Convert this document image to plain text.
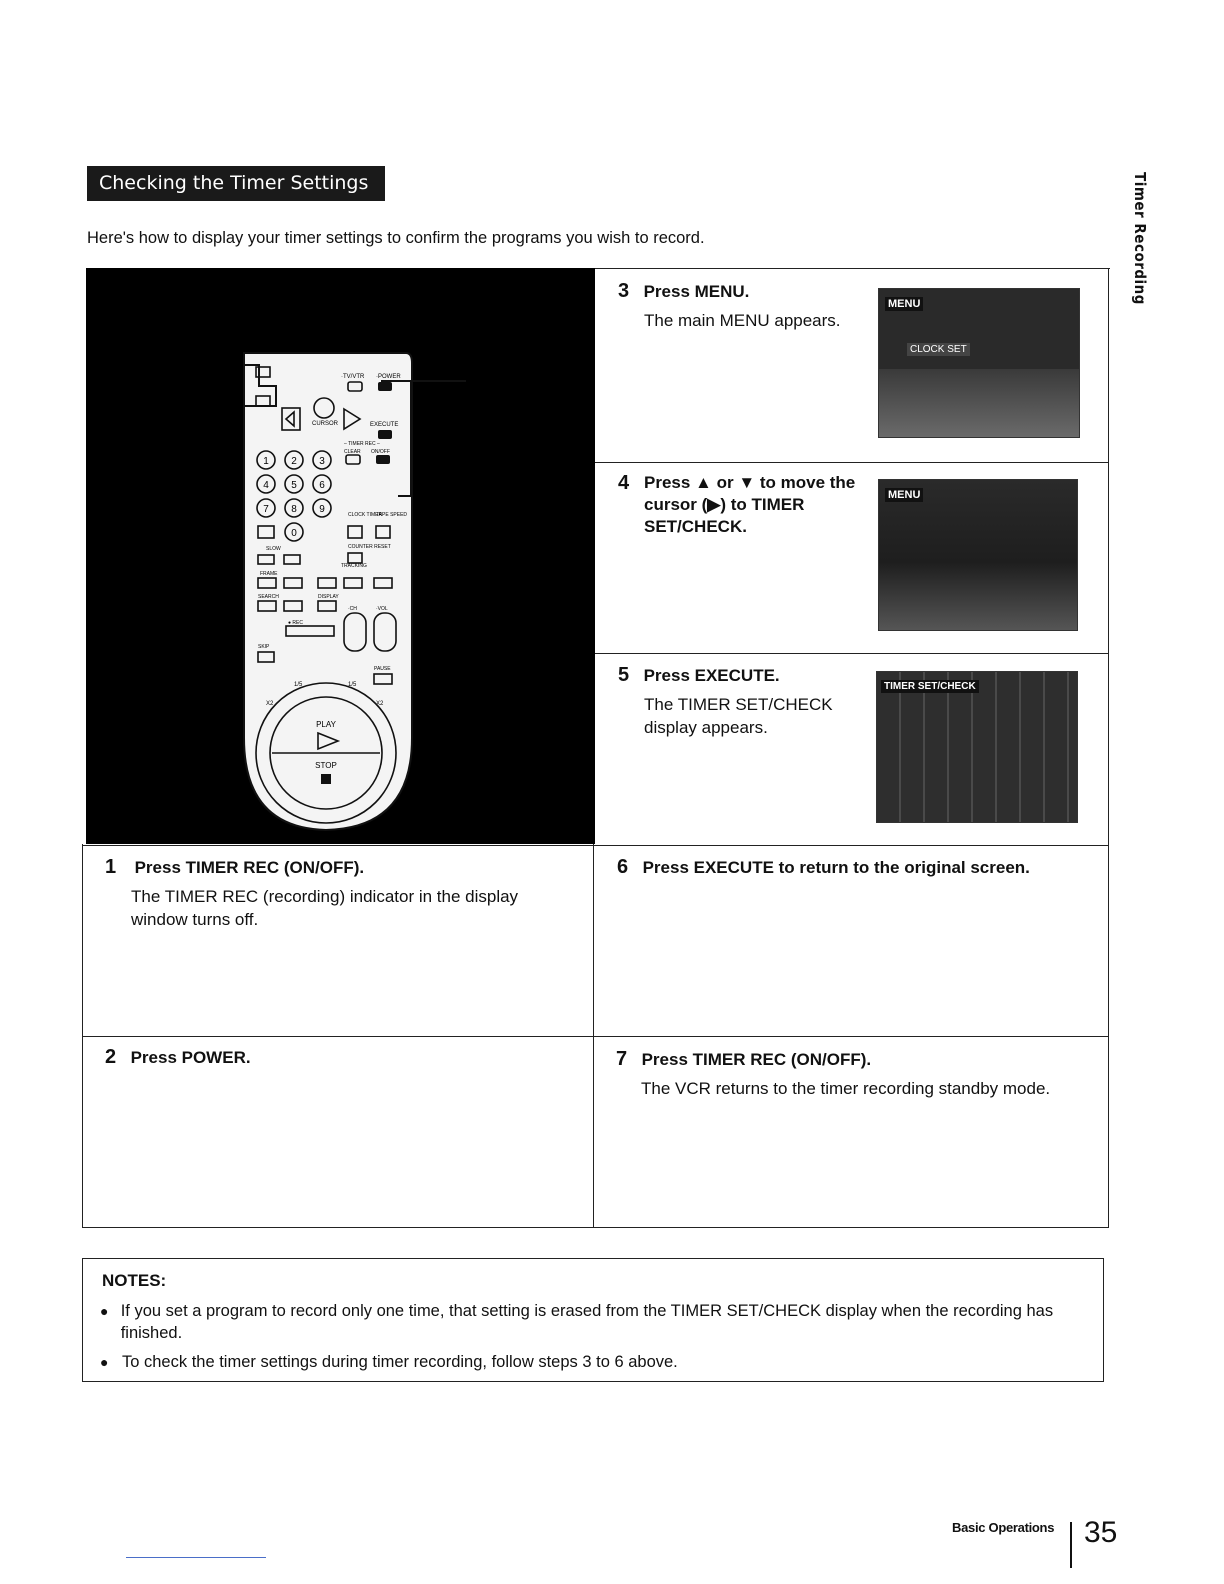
Checking the Timer Settings
Here's how to display your timer settings to confirm the programs you wish to record.	Timer Recording
·TV/VTR ·POWER
CURSOR	EXECUTE
– TIMER REC –
CLEAR ON/OFF
1 2 3
4 5 6
7 8 9
0
CLOCK TIMER
TAPE SPEED
COUNTER RESET
SLOW
TRACKING
FRAME
SEARCH	DISPLAY
·CH	·VOL
● REC
SKIP
PAUSE
1/5	1/5
X2	X2
PLAY
STOP
1 Press TIMER REC (ON/OFF).
The TIMER REC (recording) indicator in the display window turns off.
2 Press POWER.
3 Press MENU.
The main MENU appears.
MENU
CLOCK SET
4 Press ▲ or ▼ to move the cursor (▶) to TIMER SET/CHECK.
MENU
5 Press EXECUTE.
The TIMER SET/CHECK display appears.
TIMER SET/CHECK
6 Press EXECUTE to return to the original screen.
7 Press TIMER REC (ON/OFF).
The VCR returns to the timer recording standby mode.
NOTES:
● If you set a program to record only one time, that setting is erased from the TIMER SET/CHECK display when the recording has finished.
● To check the timer settings during timer recording, follow steps 3 to 6 above.
Basic Operations 35
